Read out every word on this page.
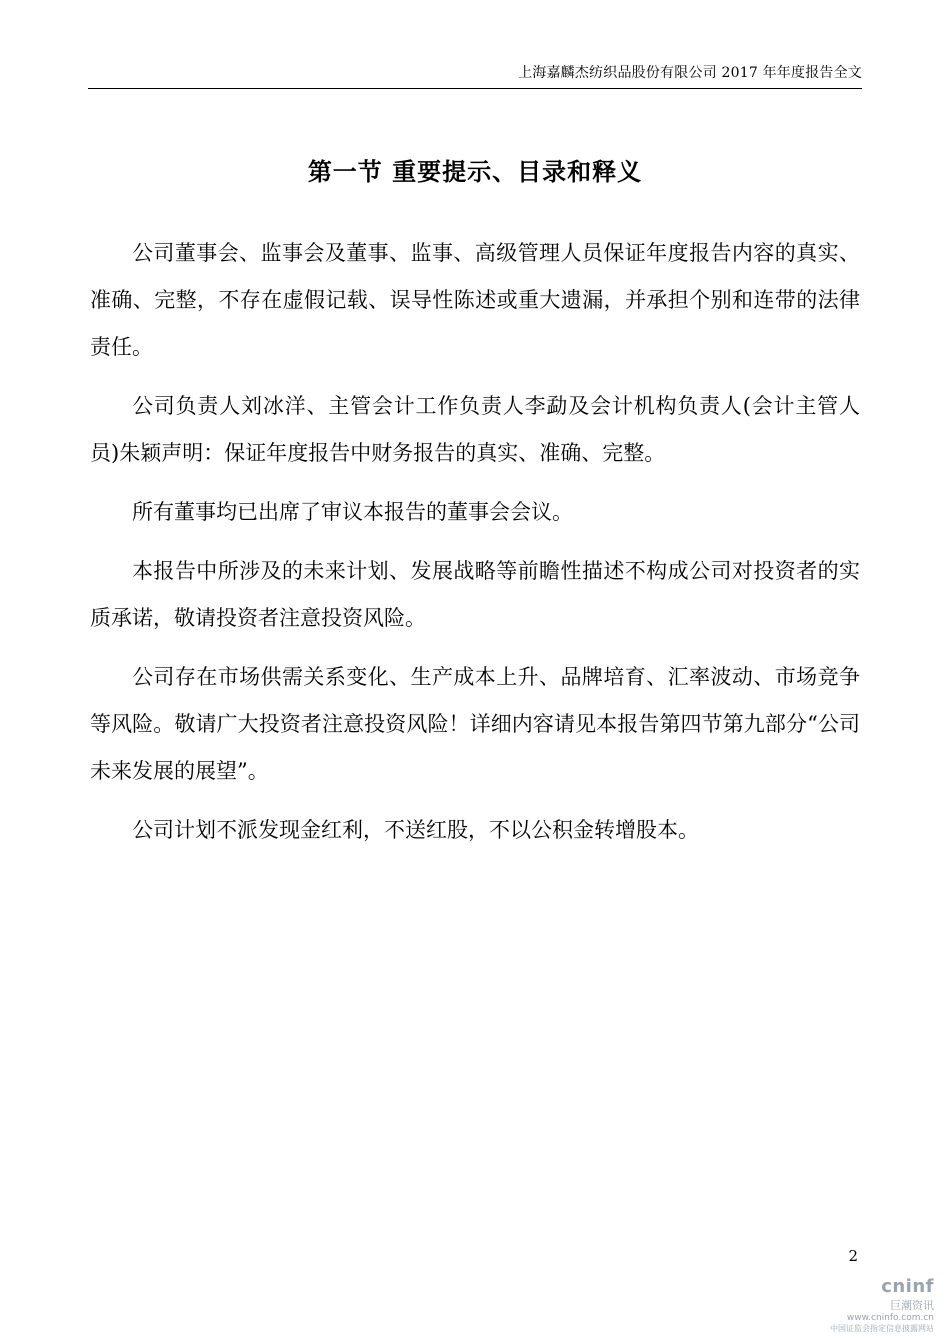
上海嘉麟杰纺织品股份有限公司 2017 年年度报告全文
第一节 重要提示、目录和释义

公司董事会、监事会及董事、监事、高级管理人员保证年度报告内容的真实、准确、完整，不存在虚假记载、误导性陈述或重大遗漏，并承担个别和连带的法律责任。

公司负责人刘冰洋、主管会计工作负责人李勐及会计机构负责人(会计主管人员)朱颖声明：保证年度报告中财务报告的真实、准确、完整。

所有董事均已出席了审议本报告的董事会会议。

本报告中所涉及的未来计划、发展战略等前瞻性描述不构成公司对投资者的实质承诺，敬请投资者注意投资风险。

公司存在市场供需关系变化、生产成本上升、品牌培育、汇率波动、市场竞争等风险。敬请广大投资者注意投资风险！详细内容请见本报告第四节第九部分“公司未来发展的展望”。

公司计划不派发现金红利，不送红股，不以公积金转增股本。

2
cninf
巨潮资讯
www.cninfo.com.cn
中国证监会指定信息披露网站
